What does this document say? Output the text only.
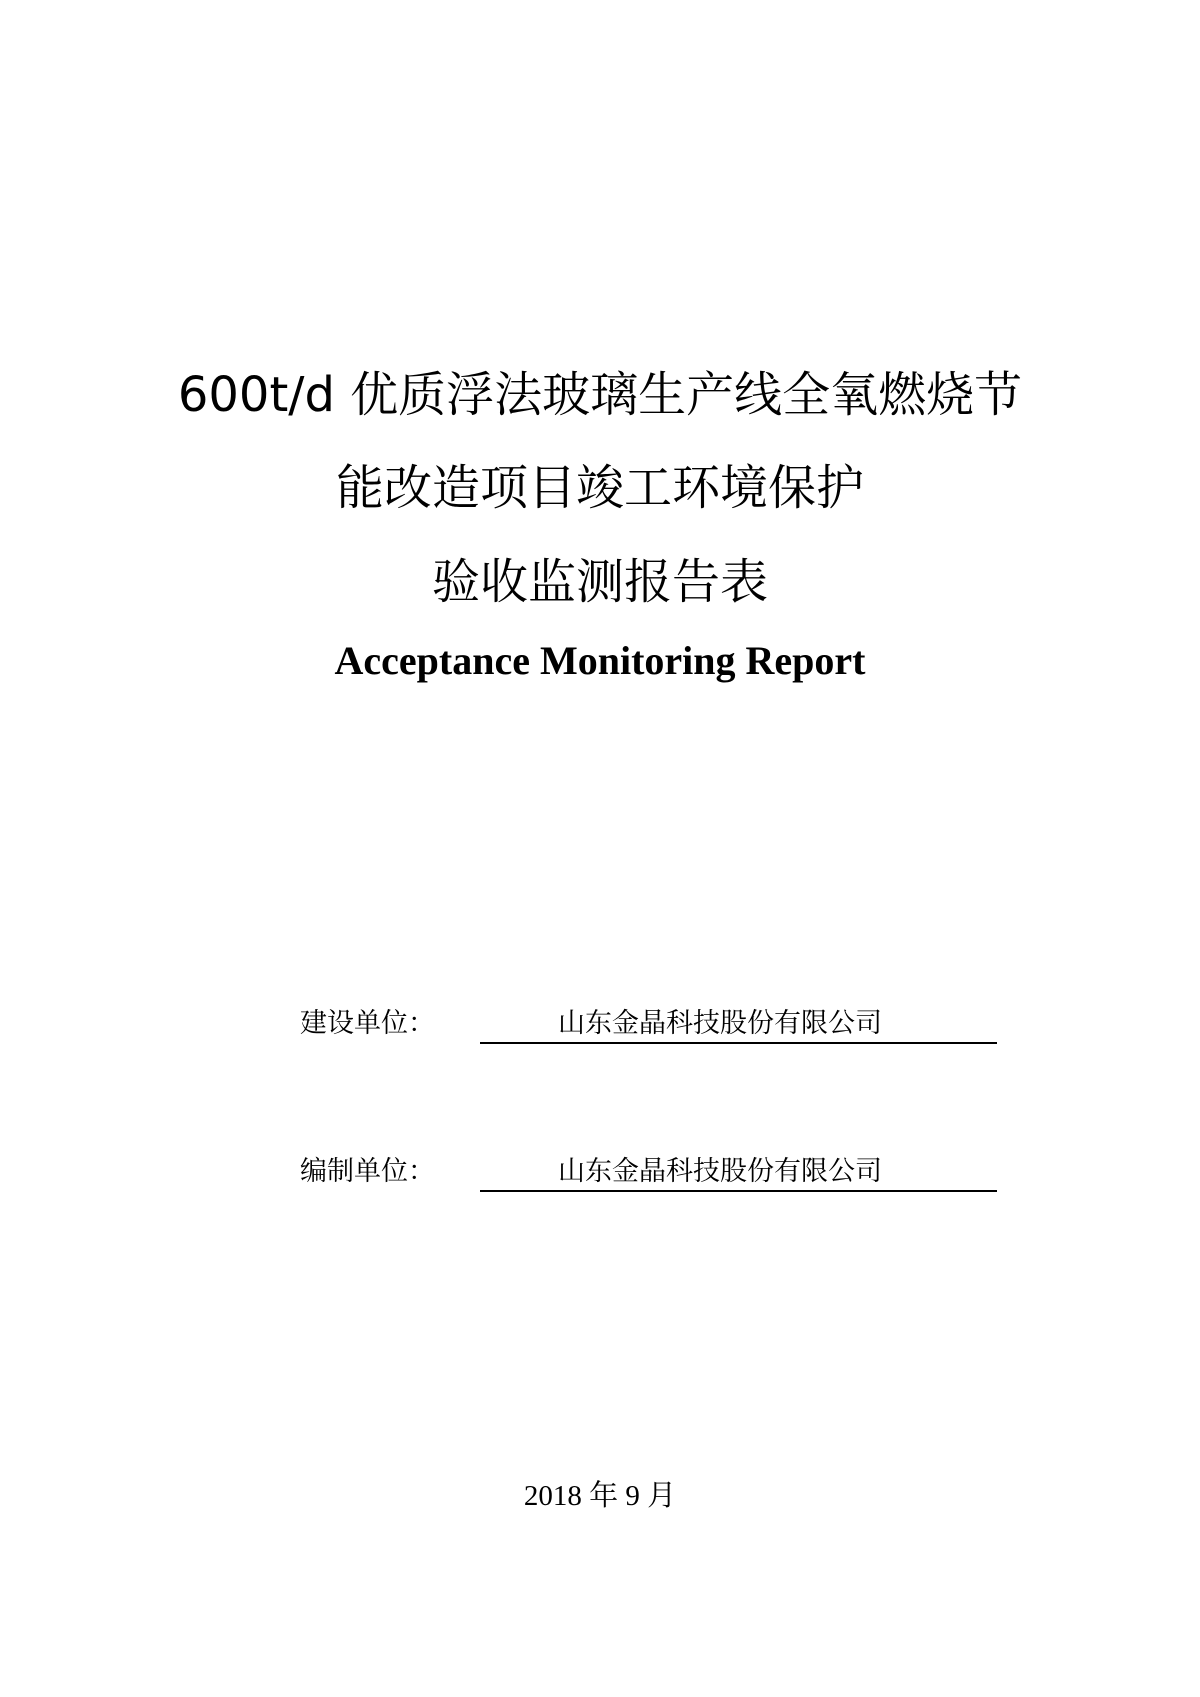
600t/d 优质浮法玻璃生产线全氧燃烧节
能改造项目竣工环境保护
验收监测报告表
Acceptance Monitoring Report
建设单位：	山东金晶科技股份有限公司
编制单位：	山东金晶科技股份有限公司
2018 年 9 月
